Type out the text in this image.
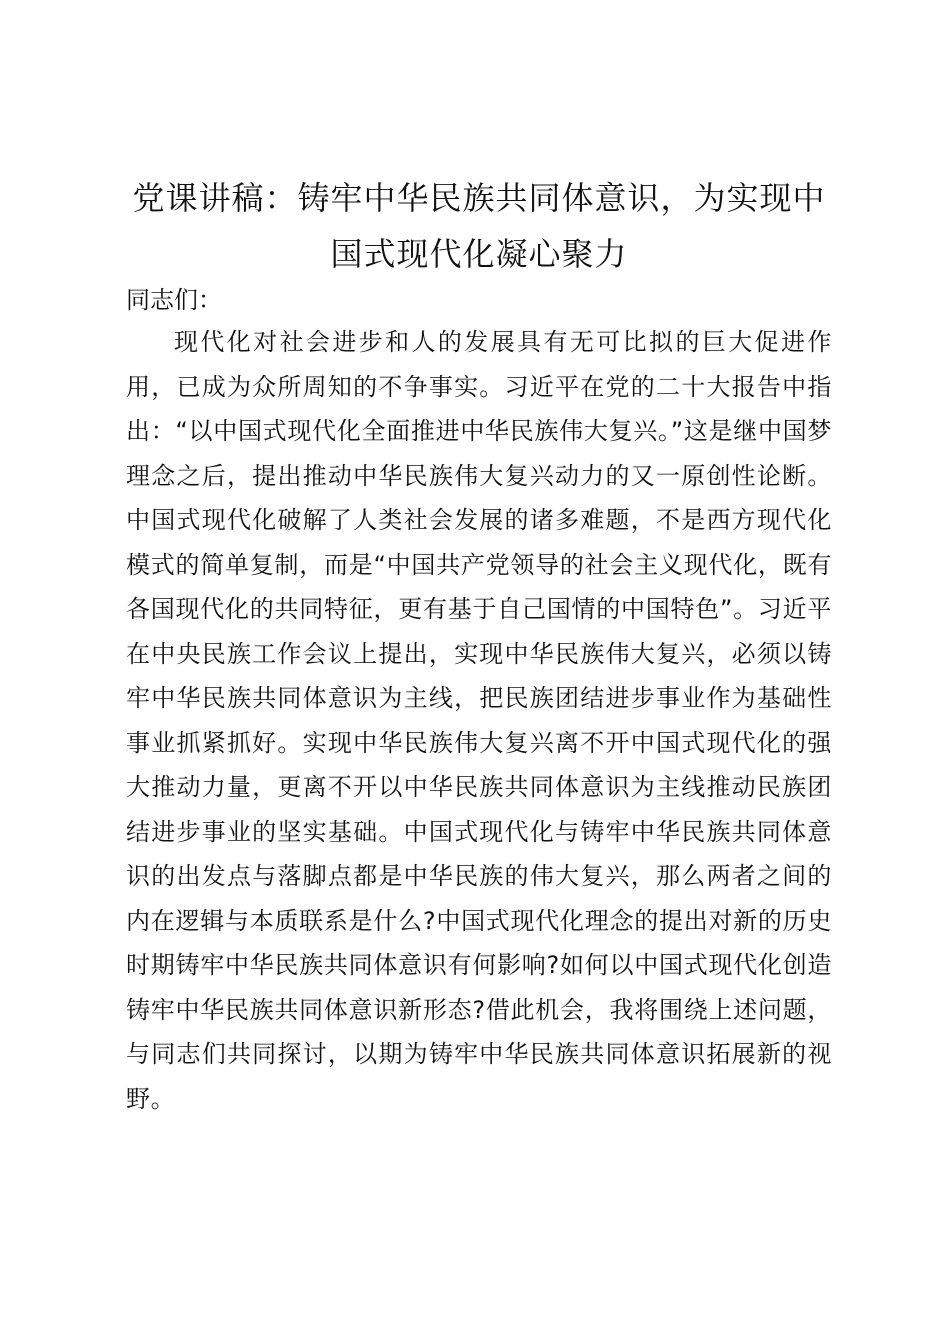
党课讲稿：铸牢中华民族共同体意识，为实现中国式现代化凝心聚力

同志们：

现代化对社会进步和人的发展具有无可比拟的巨大促进作用，已成为众所周知的不争事实。习近平在党的二十大报告中指出：“以中国式现代化全面推进中华民族伟大复兴。”这是继中国梦理念之后，提出推动中华民族伟大复兴动力的又一原创性论断。中国式现代化破解了人类社会发展的诸多难题，不是西方现代化模式的简单复制，而是“中国共产党领导的社会主义现代化，既有各国现代化的共同特征，更有基于自己国情的中国特色”。习近平在中央民族工作会议上提出，实现中华民族伟大复兴，必须以铸牢中华民族共同体意识为主线，把民族团结进步事业作为基础性事业抓紧抓好。实现中华民族伟大复兴离不开中国式现代化的强大推动力量，更离不开以中华民族共同体意识为主线推动民族团结进步事业的坚实基础。中国式现代化与铸牢中华民族共同体意识的出发点与落脚点都是中华民族的伟大复兴，那么两者之间的内在逻辑与本质联系是什么?中国式现代化理念的提出对新的历史时期铸牢中华民族共同体意识有何影响?如何以中国式现代化创造铸牢中华民族共同体意识新形态?借此机会，我将围绕上述问题，与同志们共同探讨，以期为铸牢中华民族共同体意识拓展新的视野。
